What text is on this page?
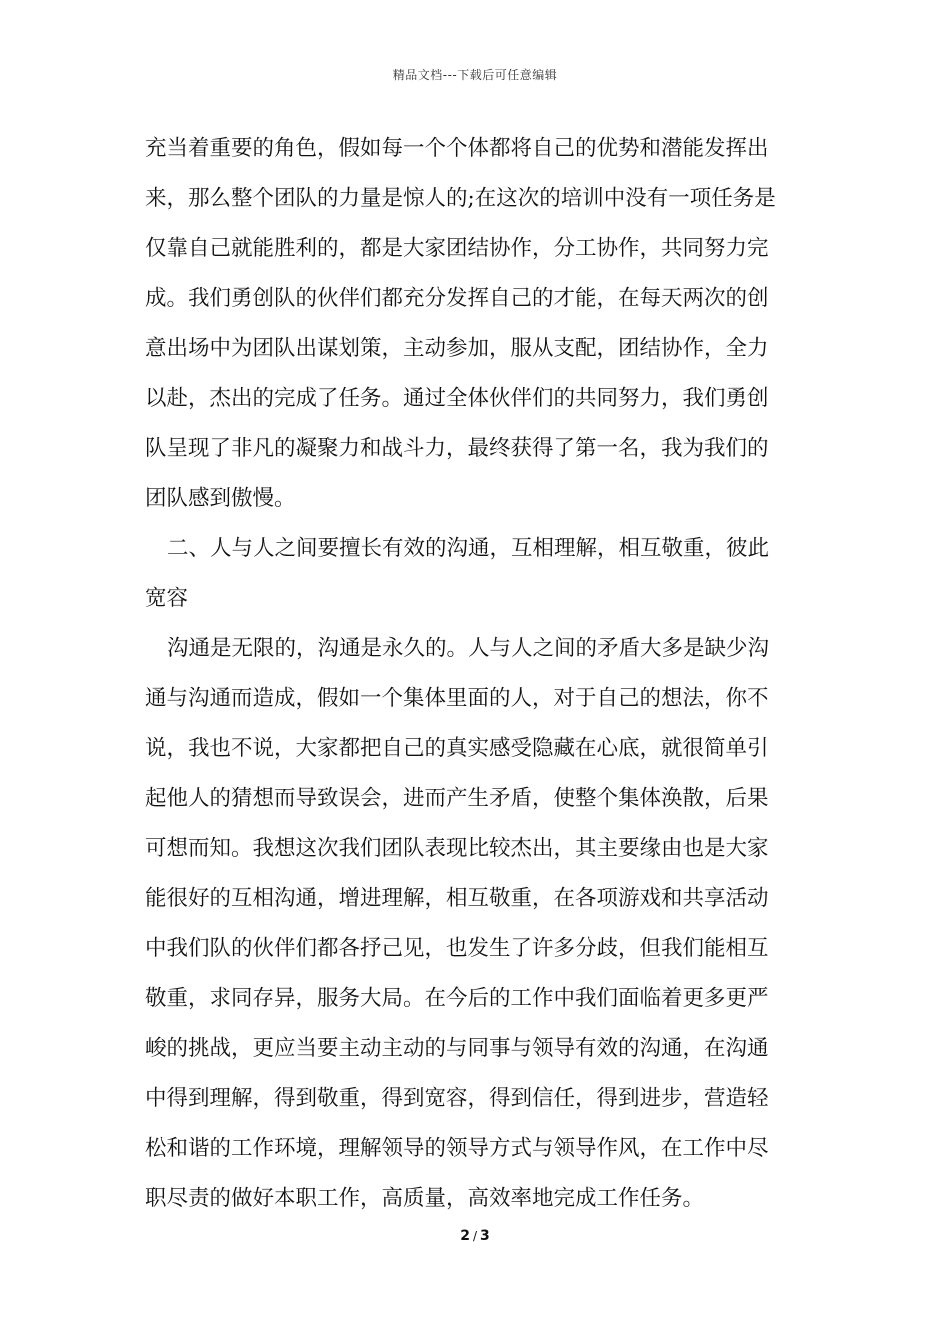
精品文档---下载后可任意编辑
充当着重要的角色，假如每一个个体都将自己的优势和潜能发挥出
来，那么整个团队的力量是惊人的;在这次的培训中没有一项任务是
仅靠自己就能胜利的，都是大家团结协作，分工协作，共同努力完
成。我们勇创队的伙伴们都充分发挥自己的才能，在每天两次的创
意出场中为团队出谋划策，主动参加，服从支配，团结协作，全力
以赴，杰出的完成了任务。通过全体伙伴们的共同努力，我们勇创
队呈现了非凡的凝聚力和战斗力，最终获得了第一名，我为我们的
团队感到傲慢。
二、人与人之间要擅长有效的沟通，互相理解，相互敬重，彼此
宽容
沟通是无限的，沟通是永久的。人与人之间的矛盾大多是缺少沟
通与沟通而造成，假如一个集体里面的人，对于自己的想法，你不
说，我也不说，大家都把自己的真实感受隐藏在心底，就很简单引
起他人的猜想而导致误会，进而产生矛盾，使整个集体涣散，后果
可想而知。我想这次我们团队表现比较杰出，其主要缘由也是大家
能很好的互相沟通，增进理解，相互敬重，在各项游戏和共享活动
中我们队的伙伴们都各抒己见，也发生了许多分歧，但我们能相互
敬重，求同存异，服务大局。在今后的工作中我们面临着更多更严
峻的挑战，更应当要主动主动的与同事与领导有效的沟通，在沟通
中得到理解，得到敬重，得到宽容，得到信任，得到进步，营造轻
松和谐的工作环境，理解领导的领导方式与领导作风，在工作中尽
职尽责的做好本职工作，高质量，高效率地完成工作任务。
2 / 3
